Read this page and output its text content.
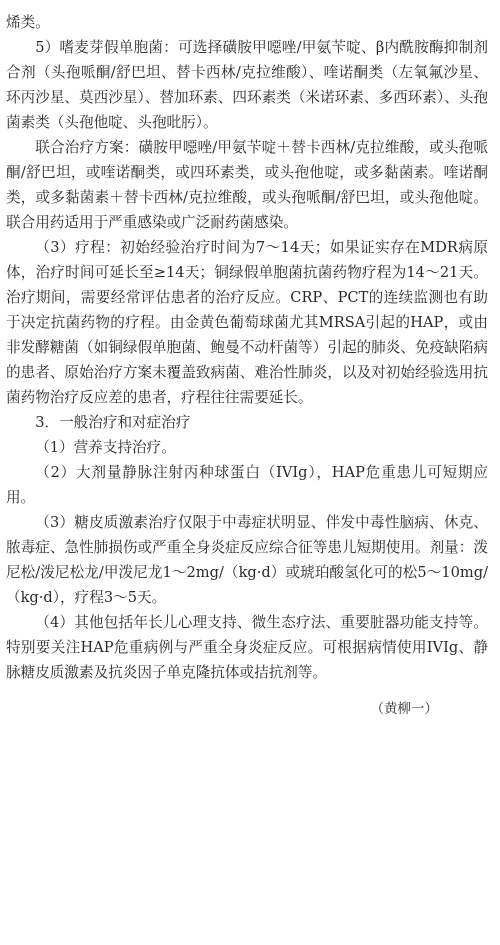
烯类。

5）嗜麦芽假单胞菌：可选择磺胺甲噁唑/甲氨苄啶、β内酰胺酶抑制剂合剂（头孢哌酮/舒巴坦、替卡西林/克拉维酸）、喹诺酮类（左氧氟沙星、环丙沙星、莫西沙星）、替加环素、四环素类（米诺环素、多西环素）、头孢菌素类（头孢他啶、头孢吡肟）。

联合治疗方案：磺胺甲噁唑/甲氨苄啶＋替卡西林/克拉维酸，或头孢哌酮/舒巴坦，或喹诺酮类，或四环素类，或头孢他啶，或多黏菌素。喹诺酮类，或多黏菌素＋替卡西林/克拉维酸，或头孢哌酮/舒巴坦，或头孢他啶。联合用药适用于严重感染或广泛耐药菌感染。

（3）疗程：初始经验治疗时间为7～14天；如果证实存在MDR病原体，治疗时间可延长至≥14天；铜绿假单胞菌抗菌药物疗程为14～21天。治疗期间，需要经常评估患者的治疗反应。CRP、PCT的连续监测也有助于决定抗菌药物的疗程。由金黄色葡萄球菌尤其MRSA引起的HAP，或由非发酵糖菌（如铜绿假单胞菌、鲍曼不动杆菌等）引起的肺炎、免疫缺陷病的患者、原始治疗方案未覆盖致病菌、难治性肺炎，以及对初始经验选用抗菌药物治疗反应差的患者，疗程往往需要延长。

3．一般治疗和对症治疗

（1）营养支持治疗。

（2）大剂量静脉注射丙种球蛋白（IVIg），HAP危重患儿可短期应用。

（3）糖皮质激素治疗仅限于中毒症状明显、伴发中毒性脑病、休克、脓毒症、急性肺损伤或严重全身炎症反应综合征等患儿短期使用。剂量：泼尼松/泼尼松龙/甲泼尼龙1～2mg/（kg·d）或琥珀酸氢化可的松5～10mg/（kg·d），疗程3～5天。

（4）其他包括年长儿心理支持、微生态疗法、重要脏器功能支持等。特别要关注HAP危重病例与严重全身炎症反应。可根据病情使用IVIg、静脉糖皮质激素及抗炎因子单克隆抗体或拮抗剂等。

（黄柳一）
